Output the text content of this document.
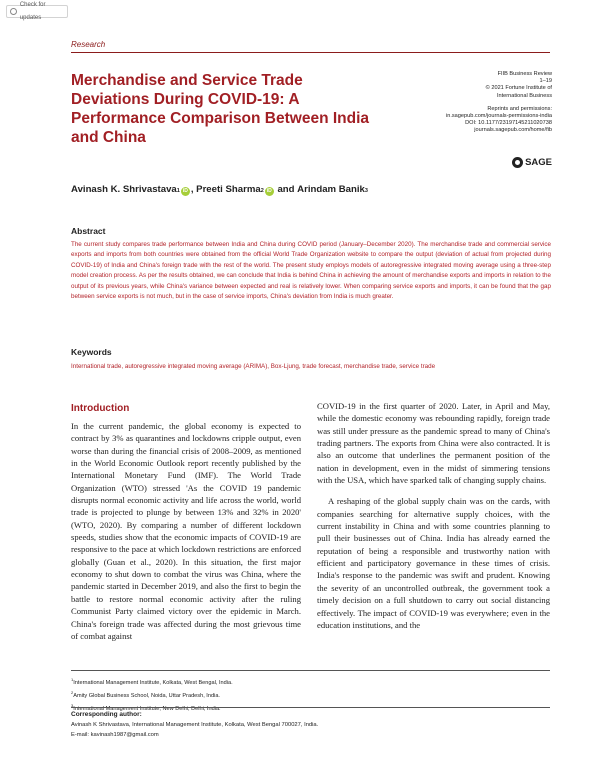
Check for updates
Research
Merchandise and Service Trade Deviations During COVID-19: A Performance Comparison Between India and China
FIIB Business Review
1–19
© 2021 Fortune Institute of
International Business
Reprints and permissions:
in.sagepub.com/journals-permissions-india
DOI: 10.1177/23197145211020738
journals.sagepub.com/home/fib
SAGE
Avinash K. Shrivastava 1 iD ,
Preeti Sharma 2 iD
and
Arindam Banik 3
Abstract
The current study compares trade performance between India and China during COVID period (January–December 2020). The merchandise trade and commercial service exports and imports from both countries were obtained from the official World Trade Organization website to compare the output (deviation of actual from projected during COVID-19) of India and China's foreign trade with the rest of the world. The present study employs models of autoregressive integrated moving average using a three-step model creation process. As per the results obtained, we can conclude that India is behind China in achieving the amount of merchandise exports and imports in relation to the output of its previous years, while China's variance between expected and real is relatively lower. When comparing service exports and imports, it can be found that the gap between service exports is not much, but in the case of service imports, China's deviation from India is much greater.
Keywords
International trade, autoregressive integrated moving average (ARIMA), Box-Ljung, trade forecast, merchandise trade, service trade
Introduction

In the current pandemic, the global economy is expected to contract by 3% as quarantines and lockdowns cripple output, even worse than during the financial crisis of 2008–2009, as mentioned in the World Economic Outlook report recently published by the International Monetary Fund (IMF). The World Trade Organization (WTO) stressed 'As the COVID 19 pandemic disrupts normal economic activity and life across the world, world trade is projected to plunge by between 13% and 32% in 2020' (WTO, 2020). By comparing a number of different lockdown speeds, studies show that the economic impacts of COVID-19 are responsive to the pace at which lockdown restrictions are enforced globally (Guan et al., 2020). In this situation, the first major economy to shut down to combat the virus was China, where the pandemic started in December 2019, and also the first to begin the battle to restore normal economic activity after the ruling Communist Party claimed victory over the epidemic in March. China's foreign trade was affected during the most grievous time of combat against

COVID-19 in the first quarter of 2020. Later, in April and May, while the domestic economy was rebounding rapidly, foreign trade was still under pressure as the pandemic spread to many of China's trading partners. The exports from China were also contracted. It is also an outcome that underlines the permanent position of the nation in development, even in the midst of simmering tensions with the USA, which have sparked talk of changing supply chains.

A reshaping of the global supply chain was on the cards, with companies searching for alternative supply choices, with the current instability in China and with some countries planning to pull their businesses out of China. India has already earned the reputation of being a responsible and trustworthy nation with efficient and participatory governance in these times of crisis. India's response to the pandemic was swift and prudent. Knowing the severity of an uncontrolled outbreak, the government took a timely decision on a full shutdown to carry out social distancing effectively. The impact of COVID-19 was everywhere; even in the education institutions, and the

$^1$International Management Institute, Kolkata, West Bengal, India.
$^2$Amity Global Business School, Noida, Uttar Pradesh, India.
$^3$International Management Institute, New Delhi, Delhi, India.
Corresponding author:
Avinash K Shrivastava, International Management Institute, Kolkata, West Bengal 700027, India.
E-mail: kavinash1987@gmail.com
